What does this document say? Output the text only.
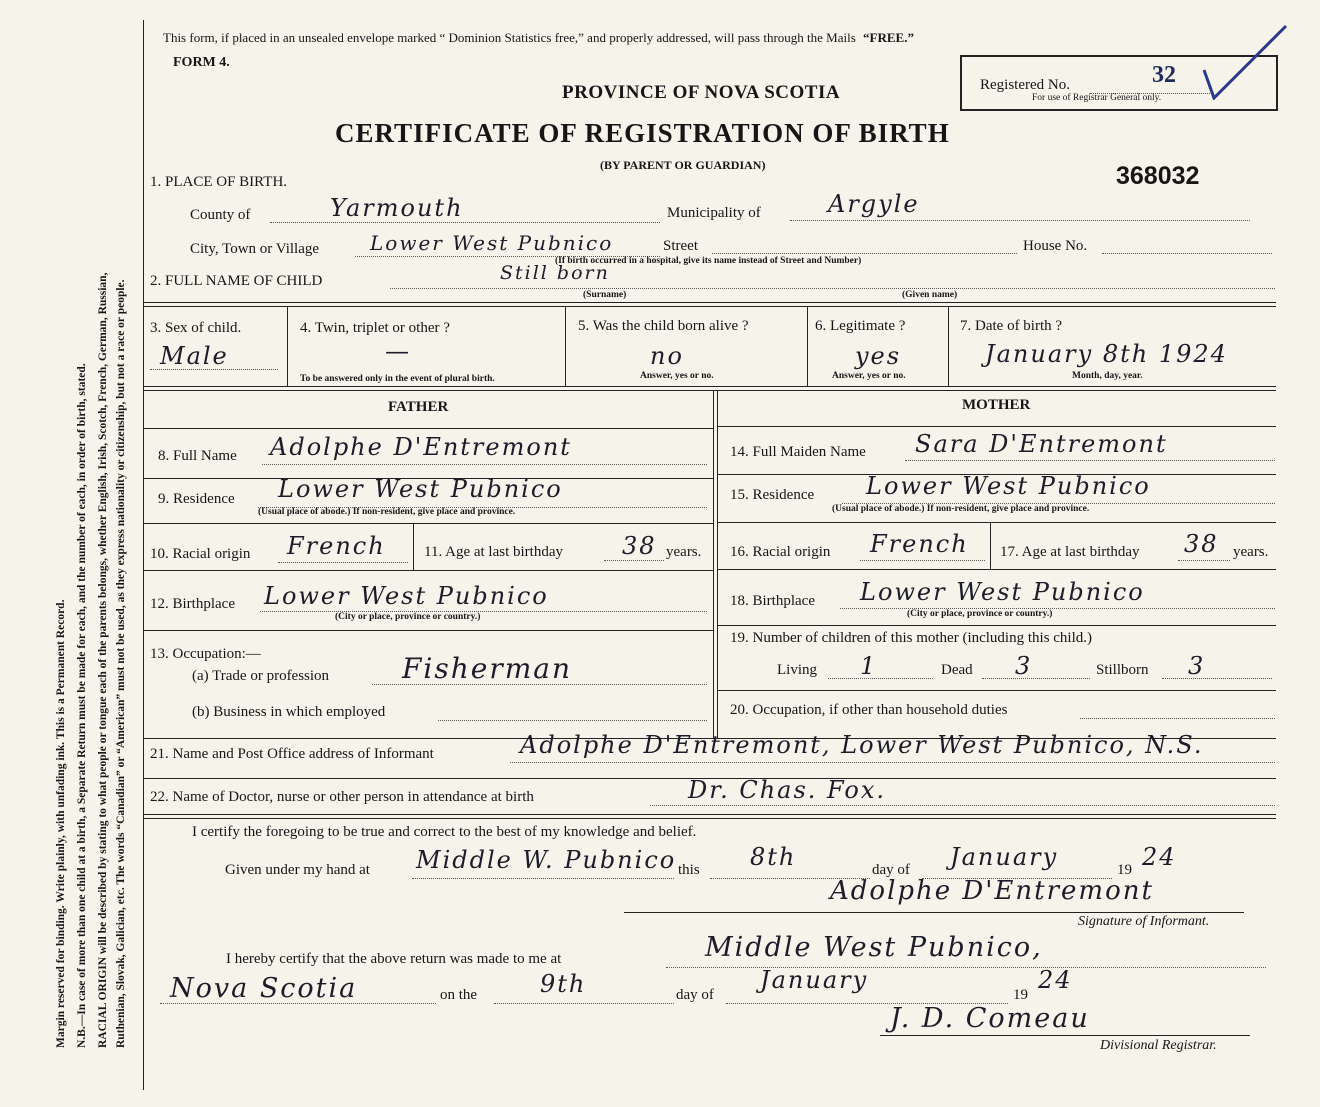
Margin reserved for binding. Write plainly, with unfading ink. This is a Permanent Record. N.B.—In case of more than one child at a birth, a Separate Return must be made for each, and the number of each, in order of birth, stated. RACIAL ORIGIN will be described by stating to what people or tongue each of the parents belongs, whether English, Irish, Scotch, French, German, Russian, Ruthenian, Slovak, Galician, etc. The words “Canadian” or “American” must not be used, as they express nationality or citizenship, but not a race or people.
This form, if placed in an unsealed envelope marked “ Dominion Statistics free,” and properly addressed, will pass through the Mails “FREE.”
FORM 4.
Registered No.	32
For use of Registrar General only.
PROVINCE OF NOVA SCOTIA
CERTIFICATE OF REGISTRATION OF BIRTH
(BY PARENT OR GUARDIAN)	368032
1. PLACE OF BIRTH.
County of	Yarmouth	Municipality of	Argyle
City, Town or Village	Lower West Pubnico	Street	House No.
(If birth occurred in a hospital, give its name instead of Street and Number)
2. FULL NAME OF CHILD	Still born
(Surname)	(Given name)
3. Sex of child.
Male
4. Twin, triplet or other ?
—
To be answered only in the event of plural birth.
5. Was the child born alive ?
no
Answer, yes or no.
6. Legitimate ?
yes
Answer, yes or no.
7. Date of birth ?
January 8th 1924
Month, day, year.
FATHER	MOTHER
8. Full Name Adolphe D'Entremont
9. Residence Lower West Pubnico
(Usual place of abode.) If non-resident, give place and province.
10. Racial origin French	11. Age at last birthday 38 years.
12. Birthplace Lower West Pubnico
(City or place, province or country.)
13. Occupation:—
(a) Trade or profession	Fisherman
(b) Business in which employed
14. Full Maiden Name Sara D'Entremont
15. Residence Lower West Pubnico
(Usual place of abode.) If non-resident, give place and province.
16. Racial origin French 17. Age at last birthday 38 years.
18. Birthplace Lower West Pubnico
(City or place, province or country.)
19. Number of children of this mother (including this child.)
Living 1	Dead 3	Stillborn 3
20. Occupation, if other than household duties
21. Name and Post Office address of Informant	Adolphe D'Entremont, Lower West Pubnico, N.S.
22. Name of Doctor, nurse or other person in attendance at birth	Dr. Chas. Fox.
I certify the foregoing to be true and correct to the best of my knowledge and belief.
Given under my hand at Middle W. Pubnico this 8th	day of January	19 24
Adolphe D'Entremont
Signature of Informant.
I hereby certify that the above return was made to me at	Middle West Pubnico,
Nova Scotia	on the	9th	day of
January
19
24
J. D. Comeau
Divisional Registrar.
